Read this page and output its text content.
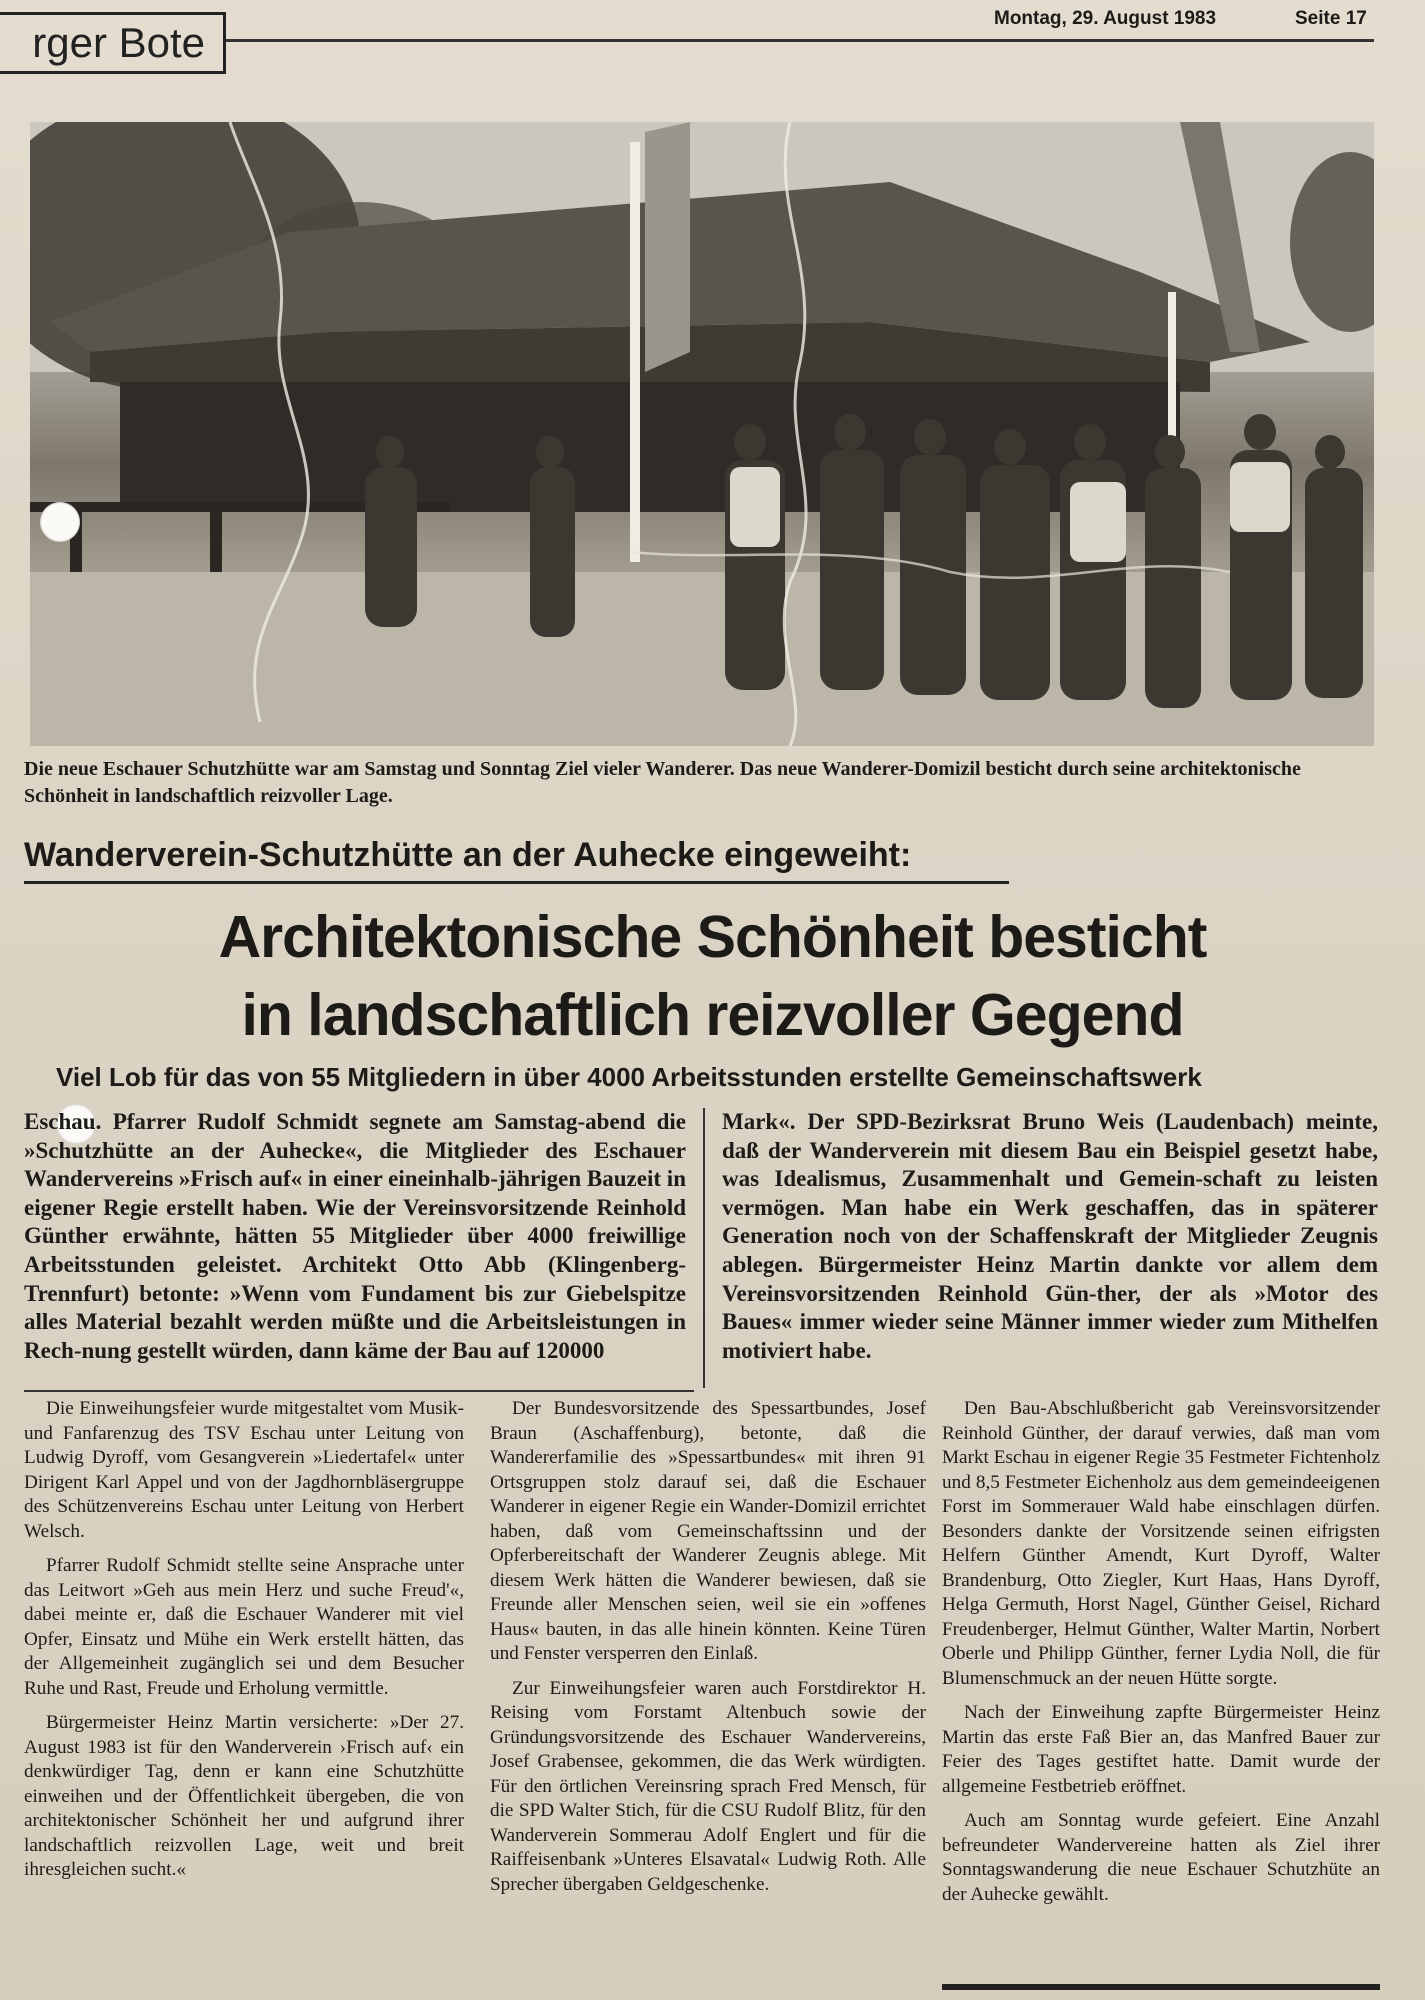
rger Bote
Montag, 29. August 1983	Seite 17
Die neue Eschauer Schutzhütte war am Samstag und Sonntag Ziel vieler Wanderer. Das neue Wanderer-Domizil besticht durch seine architektonische Schönheit in landschaftlich reizvoller Lage.
Wanderverein-Schutzhütte an der Auhecke eingeweiht:
Architektonische Schönheit besticht
in landschaftlich reizvoller Gegend
Viel Lob für das von 55 Mitgliedern in über 4000 Arbeitsstunden erstellte Gemeinschaftswerk
Eschau. Pfarrer Rudolf Schmidt segnete am Samstag-abend die »Schutzhütte an der Auhecke«, die Mitglieder des Eschauer Wandervereins »Frisch auf« in einer eineinhalb-jährigen Bauzeit in eigener Regie erstellt haben. Wie der Vereinsvorsitzende Reinhold Günther erwähnte, hätten 55 Mitglieder über 4000 freiwillige Arbeitsstunden geleistet. Architekt Otto Abb (Klingenberg-Trennfurt) betonte: »Wenn vom Fundament bis zur Giebelspitze alles Material bezahlt werden müßte und die Arbeitsleistungen in Rech-nung gestellt würden, dann käme der Bau auf 120000
Mark«. Der SPD-Bezirksrat Bruno Weis (Laudenbach) meinte, daß der Wanderverein mit diesem Bau ein Beispiel gesetzt habe, was Idealismus, Zusammenhalt und Gemein-schaft zu leisten vermögen. Man habe ein Werk geschaffen, das in späterer Generation noch von der Schaffenskraft der Mitglieder Zeugnis ablegen. Bürgermeister Heinz Martin dankte vor allem dem Vereinsvorsitzenden Reinhold Gün-ther, der als »Motor des Baues« immer wieder seine Männer immer wieder zum Mithelfen motiviert habe.

Die Einweihungsfeier wurde mitgestaltet vom Musik- und Fanfarenzug des TSV Eschau unter Leitung von Ludwig Dyroff, vom Gesangverein »Liedertafel« unter Dirigent Karl Appel und von der Jagdhornbläsergruppe des Schützenvereins Eschau unter Leitung von Herbert Welsch.

Pfarrer Rudolf Schmidt stellte seine Ansprache unter das Leitwort »Geh aus mein Herz und suche Freud'«, dabei meinte er, daß die Eschauer Wanderer mit viel Opfer, Einsatz und Mühe ein Werk erstellt hätten, das der Allgemeinheit zugänglich sei und dem Besucher Ruhe und Rast, Freude und Erholung vermittle.

Bürgermeister Heinz Martin versicherte: »Der 27. August 1983 ist für den Wanderverein ›Frisch auf‹ ein denkwürdiger Tag, denn er kann eine Schutzhütte einweihen und der Öffentlichkeit übergeben, die von architektonischer Schönheit her und aufgrund ihrer landschaftlich reizvollen Lage, weit und breit ihresgleichen sucht.«

Der Bundesvorsitzende des Spessartbundes, Josef Braun (Aschaffenburg), betonte, daß die Wandererfamilie des »Spessartbundes« mit ihren 91 Ortsgruppen stolz darauf sei, daß die Eschauer Wanderer in eigener Regie ein Wander-Domizil errichtet haben, daß vom Gemeinschaftssinn und der Opferbereitschaft der Wanderer Zeugnis ablege. Mit diesem Werk hätten die Wanderer bewiesen, daß sie Freunde aller Menschen seien, weil sie ein »offenes Haus« bauten, in das alle hinein könnten. Keine Türen und Fenster versperren den Einlaß.

Zur Einweihungsfeier waren auch Forstdirektor H. Reising vom Forstamt Altenbuch sowie der Gründungsvorsitzende des Eschauer Wandervereins, Josef Grabensee, gekommen, die das Werk würdigten. Für den örtlichen Vereinsring sprach Fred Mensch, für die SPD Walter Stich, für die CSU Rudolf Blitz, für den Wanderverein Sommerau Adolf Englert und für die Raiffeisenbank »Unteres Elsavatal« Ludwig Roth. Alle Sprecher übergaben Geldgeschenke.

Den Bau-Abschlußbericht gab Vereinsvorsitzender Reinhold Günther, der darauf verwies, daß man vom Markt Eschau in eigener Regie 35 Festmeter Fichtenholz und 8,5 Festmeter Eichenholz aus dem gemeindeeigenen Forst im Sommerauer Wald habe einschlagen dürfen. Besonders dankte der Vorsitzende seinen eifrigsten Helfern Günther Amendt, Kurt Dyroff, Walter Brandenburg, Otto Ziegler, Kurt Haas, Hans Dyroff, Helga Germuth, Horst Nagel, Günther Geisel, Richard Freudenberger, Helmut Günther, Walter Martin, Norbert Oberle und Philipp Günther, ferner Lydia Noll, die für Blumenschmuck an der neuen Hütte sorgte.

Nach der Einweihung zapfte Bürgermeister Heinz Martin das erste Faß Bier an, das Manfred Bauer zur Feier des Tages gestiftet hatte. Damit wurde der allgemeine Festbetrieb eröffnet.

Auch am Sonntag wurde gefeiert. Eine Anzahl befreundeter Wandervereine hatten als Ziel ihrer Sonntagswanderung die neue Eschauer Schutzhüte an der Auhecke gewählt.
